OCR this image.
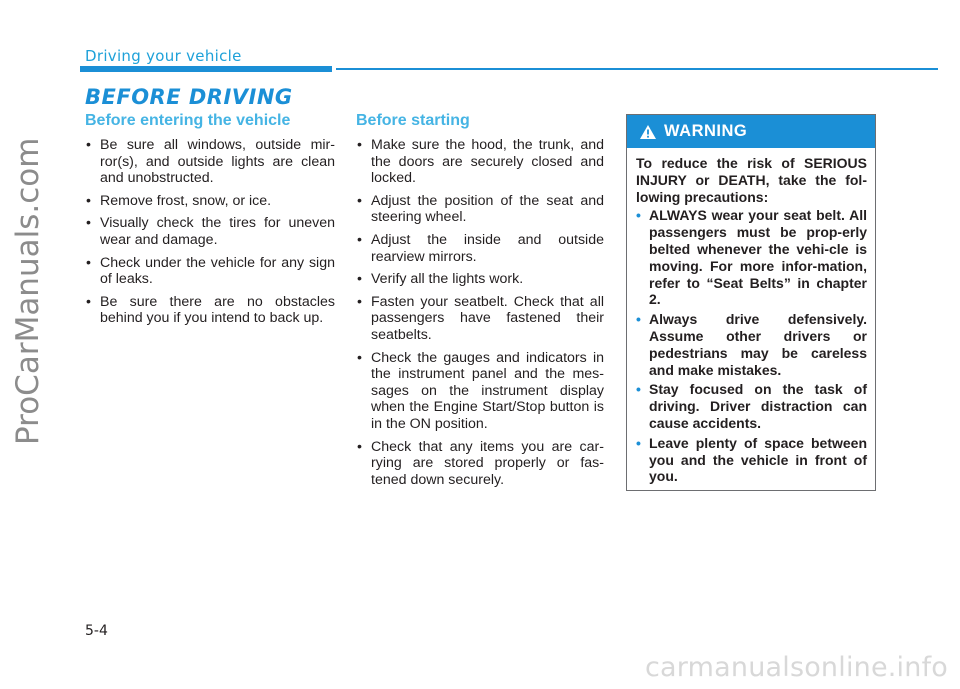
Driving your vehicle
BEFORE DRIVING
Before entering the vehicle
• Be sure all windows, outside mir-ror(s), and outside lights are clean and unobstructed.
• Remove frost, snow, or ice.
• Visually check the tires for uneven wear and damage.
• Check under the vehicle for any sign of leaks.
• Be sure there are no obstacles behind you if you intend to back up.
Before starting
• Make sure the hood, the trunk, and the doors are securely closed and locked.
• Adjust the position of the seat and steering wheel.
• Adjust the inside and outside rearview mirrors.
• Verify all the lights work.
• Fasten your seatbelt. Check that all passengers have fastened their seatbelts.
• Check the gauges and indicators in the instrument panel and the mes-sages on the instrument display when the Engine Start/Stop button is in the ON position.
• Check that any items you are car-rying are stored properly or fas-tened down securely.
WARNING

To reduce the risk of SERIOUS INJURY or DEATH, take the fol-lowing precautions:

• ALWAYS wear your seat belt. All passengers must be prop-erly belted whenever the vehi-cle is moving. For more infor-mation, refer to “Seat Belts” in chapter 2.
• Always drive defensively. Assume other drivers or pedestrians may be careless and make mistakes.
• Stay focused on the task of driving. Driver distraction can cause accidents.
• Leave plenty of space between you and the vehicle in front of you.
5-4
ProCarManuals.com
carmanualsonline.info
